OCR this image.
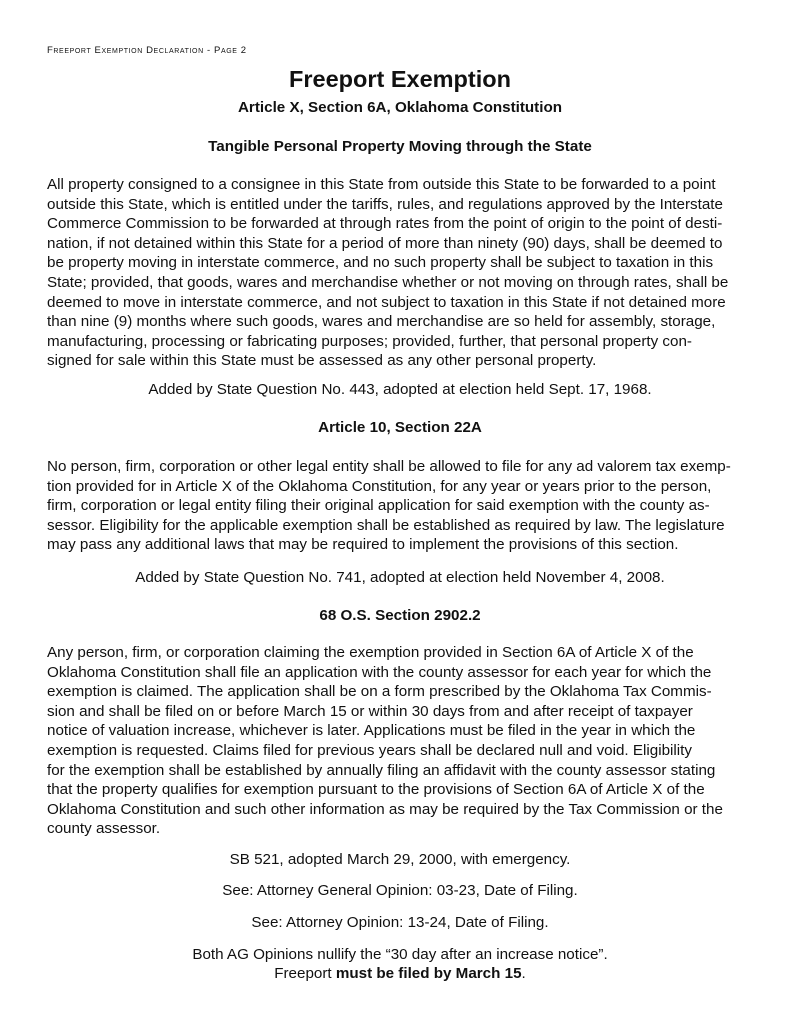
Freeport Exemption Declaration - Page 2
Freeport Exemption
Article X, Section 6A, Oklahoma Constitution
Tangible Personal Property Moving through the State
All property consigned to a consignee in this State from outside this State to be forwarded to a point
outside this State, which is entitled under the tariffs, rules, and regulations approved by the Interstate
Commerce Commission to be forwarded at through rates from the point of origin to the point of desti-
nation, if not detained within this State for a period of more than ninety (90) days, shall be deemed to
be property moving in interstate commerce, and no such property shall be subject to taxation in this
State; provided, that goods, wares and merchandise whether or not moving on through rates, shall be
deemed to move in interstate commerce, and not subject to taxation in this State if not detained more
than nine (9) months where such goods, wares and merchandise are so held for assembly, storage,
manufacturing, processing or fabricating purposes; provided, further, that personal property con-
signed for sale within this State must be assessed as any other personal property.
Added by State Question No. 443, adopted at election held Sept. 17, 1968.
Article 10, Section 22A
No person, firm, corporation or other legal entity shall be allowed to file for any ad valorem tax exemp-
tion provided for in Article X of the Oklahoma Constitution, for any year or years prior to the person,
firm, corporation or legal entity filing their original application for said exemption with the county as-
sessor. Eligibility for the applicable exemption shall be established as required by law. The legislature
may pass any additional laws that may be required to implement the provisions of this section.
Added by State Question No. 741, adopted at election held November 4, 2008.
68 O.S. Section 2902.2
Any person, firm, or corporation claiming the exemption provided in Section 6A of Article X of the
Oklahoma Constitution shall file an application with the county assessor for each year for which the
exemption is claimed. The application shall be on a form prescribed by the Oklahoma Tax Commis-
sion and shall be filed on or before March 15 or within 30 days from and after receipt of taxpayer
notice of valuation increase, whichever is later. Applications must be filed in the year in which the
exemption is requested. Claims filed for previous years shall be declared null and void. Eligibility
for the exemption shall be established by annually filing an affidavit with the county assessor stating
that the property qualifies for exemption pursuant to the provisions of Section 6A of Article X of the
Oklahoma Constitution and such other information as may be required by the Tax Commission or the
county assessor.
SB 521, adopted March 29, 2000, with emergency.
See: Attorney General Opinion: 03-23, Date of Filing.
See: Attorney Opinion: 13-24, Date of Filing.
Both AG Opinions nullify the “30 day after an increase notice”.
Freeport must be filed by March 15.
